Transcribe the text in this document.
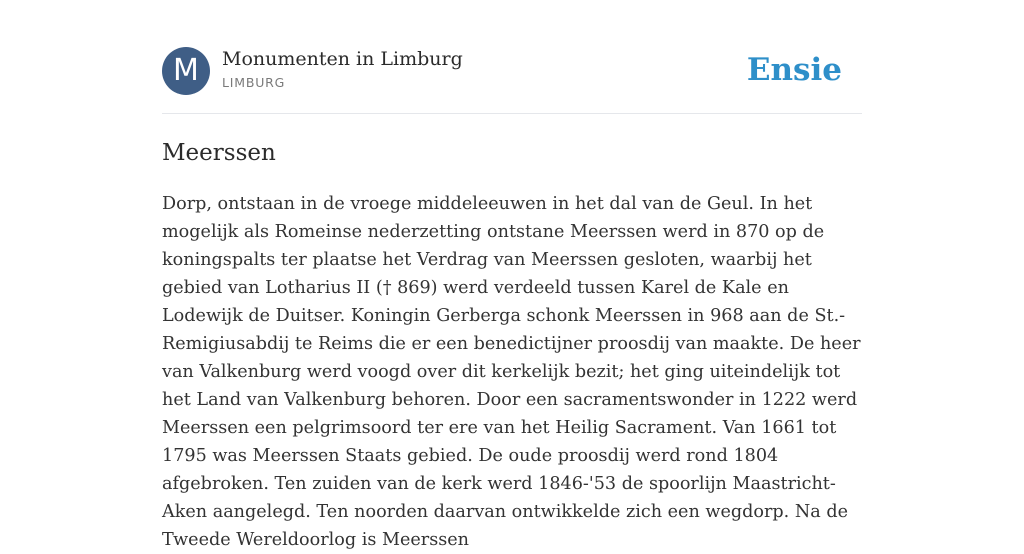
M	Monumenten in Limburg
LIMBURG	Ensie
Meerssen

Dorp, ontstaan in de vroege middeleeuwen in het dal van de Geul. In het mogelijk als Romeinse nederzetting ontstane Meerssen werd in 870 op de koningspalts ter plaatse het Verdrag van Meerssen gesloten, waarbij het gebied van Lotharius II († 869) werd verdeeld tussen Karel de Kale en Lodewijk de Duitser. Koningin Gerberga schonk Meerssen in 968 aan de St.-Remigiusabdij te Reims die er een benedictijner proosdij van maakte. De heer van Valkenburg werd voogd over dit kerkelijk bezit; het ging uiteindelijk tot het Land van Valkenburg behoren. Door een sacramentswonder in 1222 werd Meerssen een pelgrimsoord ter ere van het Heilig Sacrament. Van 1661 tot 1795 was Meerssen Staats gebied. De oude proosdij werd rond 1804 afgebroken. Ten zuiden van de kerk werd 1846-'53 de spoorlijn Maastricht-Aken aangelegd. Ten noorden daarvan ontwikkelde zich een wegdorp. Na de Tweede Wereldoorlog is Meerssen
